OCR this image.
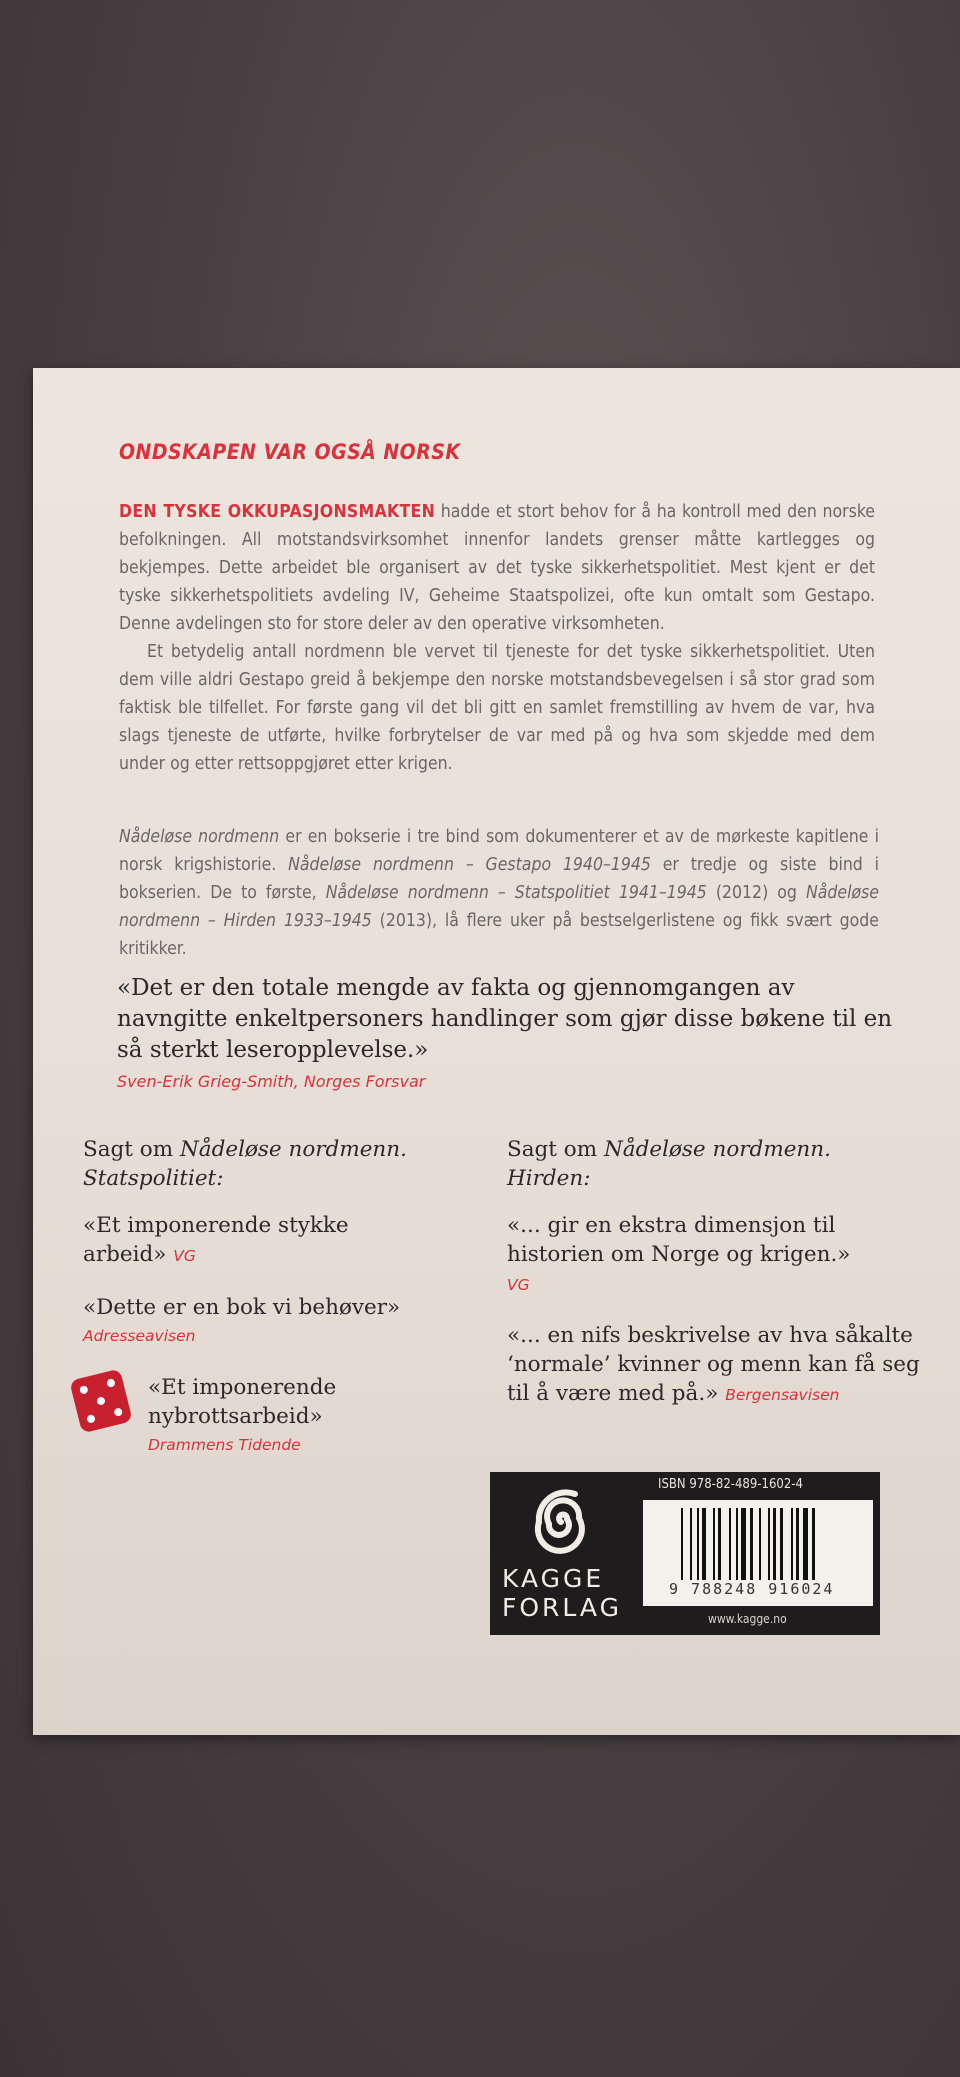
ONDSKAPEN VAR OGSÅ NORSK

DEN TYSKE OKKUPASJONSMAKTEN hadde et stort behov for å ha kontroll med den norske befolkningen. All motstandsvirksomhet innenfor landets grenser måtte kartlegges og bekjempes. Dette arbeidet ble organisert av det tyske sikkerhetspolitiet. Mest kjent er det tyske sikkerhetspolitiets avdeling IV, Geheime Staatspolizei, ofte kun omtalt som Gestapo. Denne avdelingen sto for store deler av den operative virksomheten.

Et betydelig antall nordmenn ble vervet til tjeneste for det tyske sikkerhetspolitiet. Uten dem ville aldri Gestapo greid å bekjempe den norske motstandsbevegelsen i så stor grad som faktisk ble tilfellet. For første gang vil det bli gitt en samlet fremstilling av hvem de var, hva slags tjeneste de utførte, hvilke forbrytelser de var med på og hva som skjedde med dem under og etter rettsoppgjøret etter krigen.

Nådeløse nordmenn er en bokserie i tre bind som dokumenterer et av de mørkeste kapitlene i norsk krigshistorie. Nådeløse nordmenn – Gestapo 1940–1945 er tredje og siste bind i bokserien. De to første, Nådeløse nordmenn – Statspolitiet 1941–1945 (2012) og Nådeløse nordmenn – Hirden 1933–1945 (2013), lå flere uker på bestselgerlistene og fikk svært gode kritikker.
«Det er den totale mengde av fakta og gjennomgangen av navngitte enkeltpersoners handlinger som gjør disse bøkene til en så sterkt leseropplevelse.»
Sven-Erik Grieg-Smith, Norges Forsvar
Sagt om Nådeløse nordmenn. Statspolitiet:
«Et imponerende stykke arbeid» VG
«Dette er en bok vi behøver»
Adresseavisen
«Et imponerende nybrottsarbeid»
Drammens Tidende
Sagt om Nådeløse nordmenn. Hirden:
«... gir en ekstra dimensjon til historien om Norge og krigen.» VG
«... en nifs beskrivelse av hva såkalte ‘normale’ kvinner og menn kan få seg til å være med på.» Bergensavisen
KAGGE
FORLAG
ISBN 978-82-489-1602-4
9 788248 916024
www.kagge.no
